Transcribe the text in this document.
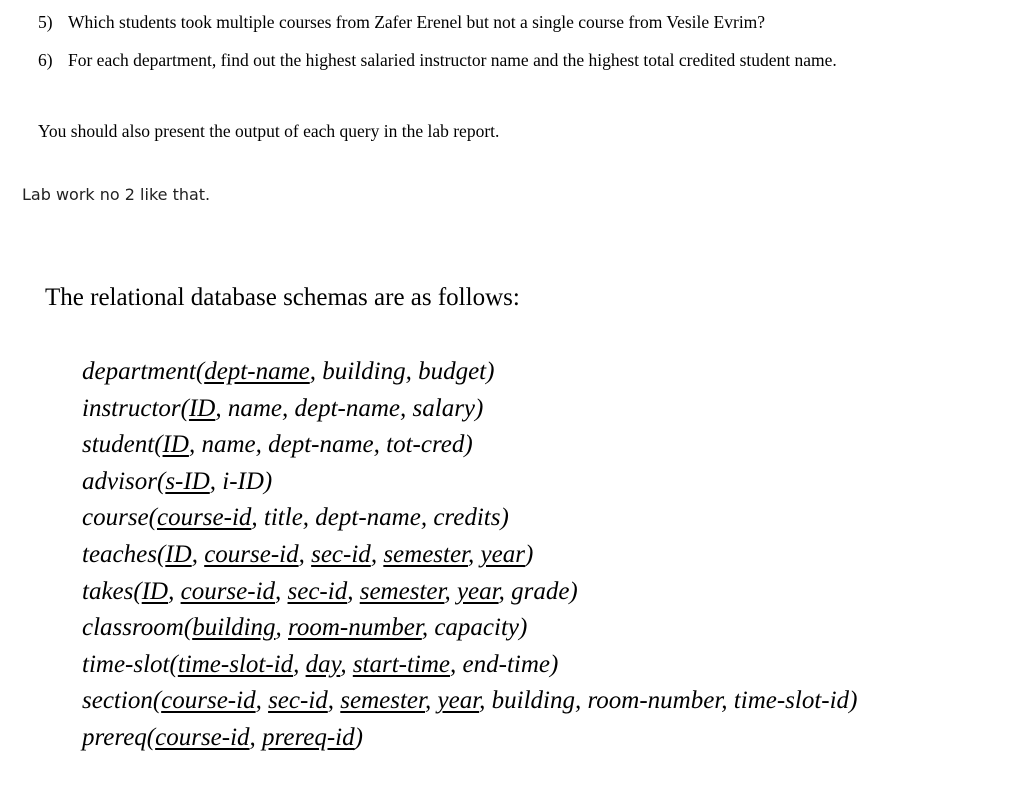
5) Which students took multiple courses from Zafer Erenel but not a single course from Vesile Evrim?
6) For each department, find out the highest salaried instructor name and the highest total credited student name.
You should also present the output of each query in the lab report.
Lab work no 2 like that.
The relational database schemas are as follows:
department(dept-name, building, budget)
instructor(ID, name, dept-name, salary)
student(ID, name, dept-name, tot-cred)
advisor(s-ID, i-ID)
course(course-id, title, dept-name, credits)
teaches(ID, course-id, sec-id, semester, year)
takes(ID, course-id, sec-id, semester, year, grade)
classroom(building, room-number, capacity)
time-slot(time-slot-id, day, start-time, end-time)
section(course-id, sec-id, semester, year, building, room-number, time-slot-id)
prereq(course-id, prereq-id)
